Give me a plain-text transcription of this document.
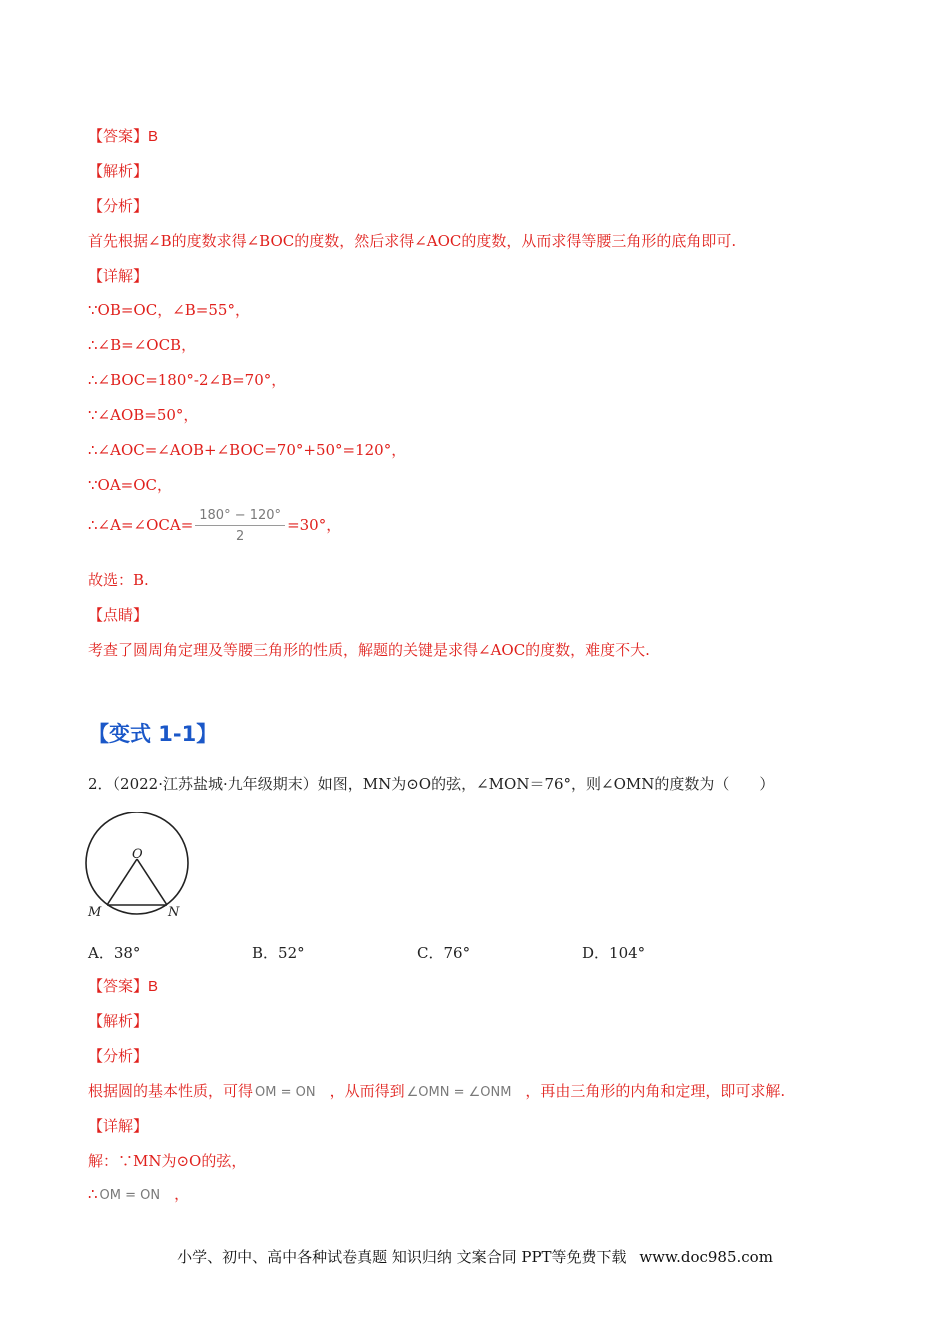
【答案】B
【解析】
【分析】
首先根据∠B的度数求得∠BOC的度数，然后求得∠AOC的度数，从而求得等腰三角形的底角即可.
【详解】
∵OB=OC，∠B=55°，
∴∠B=∠OCB，
∴∠BOC=180°-2∠B=70°，
∵∠AOB=50°，
∴∠AOC=∠AOB+∠BOC=70°+50°=120°，
∵OA=OC，
∴∠A=∠OCA= $\frac{180^\circ - 120^\circ}{2} =30^\circ$，
故选：B.
【点睛】
考查了圆周角定理及等腰三角形的性质，解题的关键是求得∠AOC的度数，难度不大.
【变式 1-1】
2．（2022·江苏盐城·九年级期末）如图，MN为⊙O的弦，∠MON＝76°，则∠OMN的度数为（　　）
O
M	N
A．38°	B．52°	C．76°	D．104°
【答案】B
【解析】
【分析】
根据圆的基本性质，可得 OM = ON ，从而得到 ∠OMN = ∠ONM ，再由三角形的内角和定理，即可求解.
【详解】
解：∵MN为⊙O的弦，
∴ OM = ON ，
小学、初中、高中各种试卷真题 知识归纳 文案合同 PPT等免费下载 www.doc985.com
